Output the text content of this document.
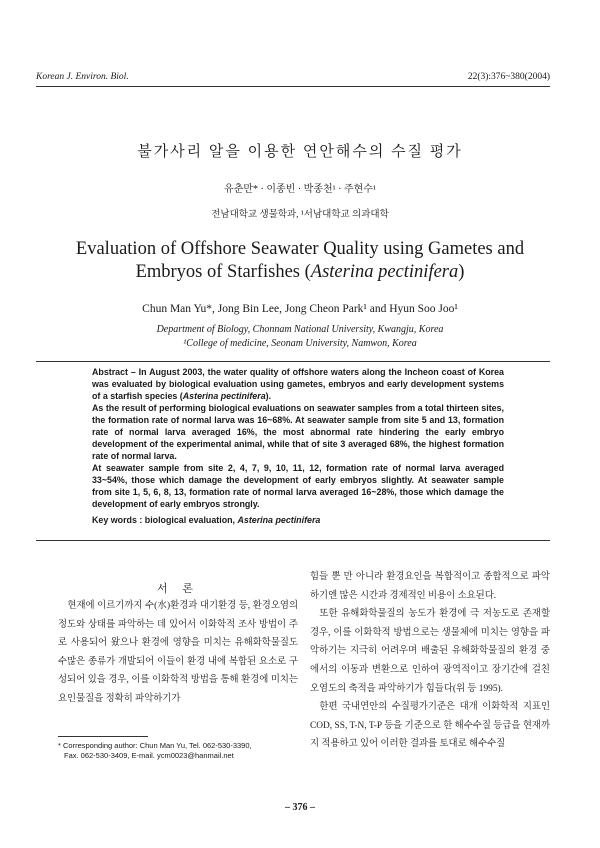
Korean J. Environ. Biol.	22(3):376~380(2004)
불가사리 알을 이용한 연안해수의 수질 평가
유춘만* · 이종빈 · 박종천¹ · 주현수¹
전남대학교 생물학과, ¹서남대학교 의과대학
Evaluation of Offshore Seawater Quality using Gametes and
Embryos of Starfishes (Asterina pectinifera)
Chun Man Yu*, Jong Bin Lee, Jong Cheon Park¹ and Hyun Soo Joo¹
Department of Biology, Chonnam National University, Kwangju, Korea
¹College of medicine, Seonam University, Namwon, Korea

Abstract – In August 2003, the water quality of offshore waters along the Incheon coast of Korea was evaluated by biological evaluation using gametes, embryos and early development systems of a starfish species (Asterina pectinifera).

As the result of performing biological evaluations on seawater samples from a total thirteen sites, the formation rate of normal larva was 16~68%. At seawater sample from site 5 and 13, formation rate of normal larva averaged 16%, the most abnormal rate hindering the early embryo development of the experimental animal, while that of site 3 averaged 68%, the highest formation rate of normal larva.

At seawater sample from site 2, 4, 7, 9, 10, 11, 12, formation rate of normal larva averaged 33~54%, those which damage the development of early embryos slightly. At seawater sample from site 1, 5, 6, 8, 13, formation rate of normal larva averaged 16~28%, those which damage the development of early embryos strongly.

Key words : biological evaluation, Asterina pectinifera
서 론

현재에 이르기까지 수(水)환경과 대기환경 등, 환경오염의 정도와 상태를 파악하는 데 있어서 이화학적 조사 방법이 주로 사용되어 왔으나 환경에 영향을 미치는 유해화학물질도 수많은 종류가 개발되어 이들이 환경 내에 복합된 요소로 구성되어 있을 경우, 이를 이화학적 방법을 통해 환경에 미치는 요인물질을 정확히 파악하기가

힘들 뿐 만 아니라 환경요인을 복합적이고 종합적으로 파악하기엔 많은 시간과 경제적인 비용이 소요된다.

또한 유해화학물질의 농도가 환경에 극 저농도로 존재할 경우, 이를 이화학적 방법으로는 생물체에 미치는 영향을 파악하기는 지극히 어려우며 배출된 유해화학물질의 환경 중에서의 이동과 변환으로 인하여 광역적이고 장기간에 걸친 오염도의 축적을 파악하기가 힘들다(위 등 1995).

한편 국내연안의 수질평가기준은 대개 이화학적 지표인 COD, SS, T-N, T-P 등을 기준으로 한 해수수질 등급을 현재까지 적용하고 있어 이러한 결과를 토대로 해수수질

* Corresponding author: Chun Man Yu, Tel. 062-530-3390,
Fax. 062-530-3409, E-mail. ycm0023@hanmail.net
– 376 –
